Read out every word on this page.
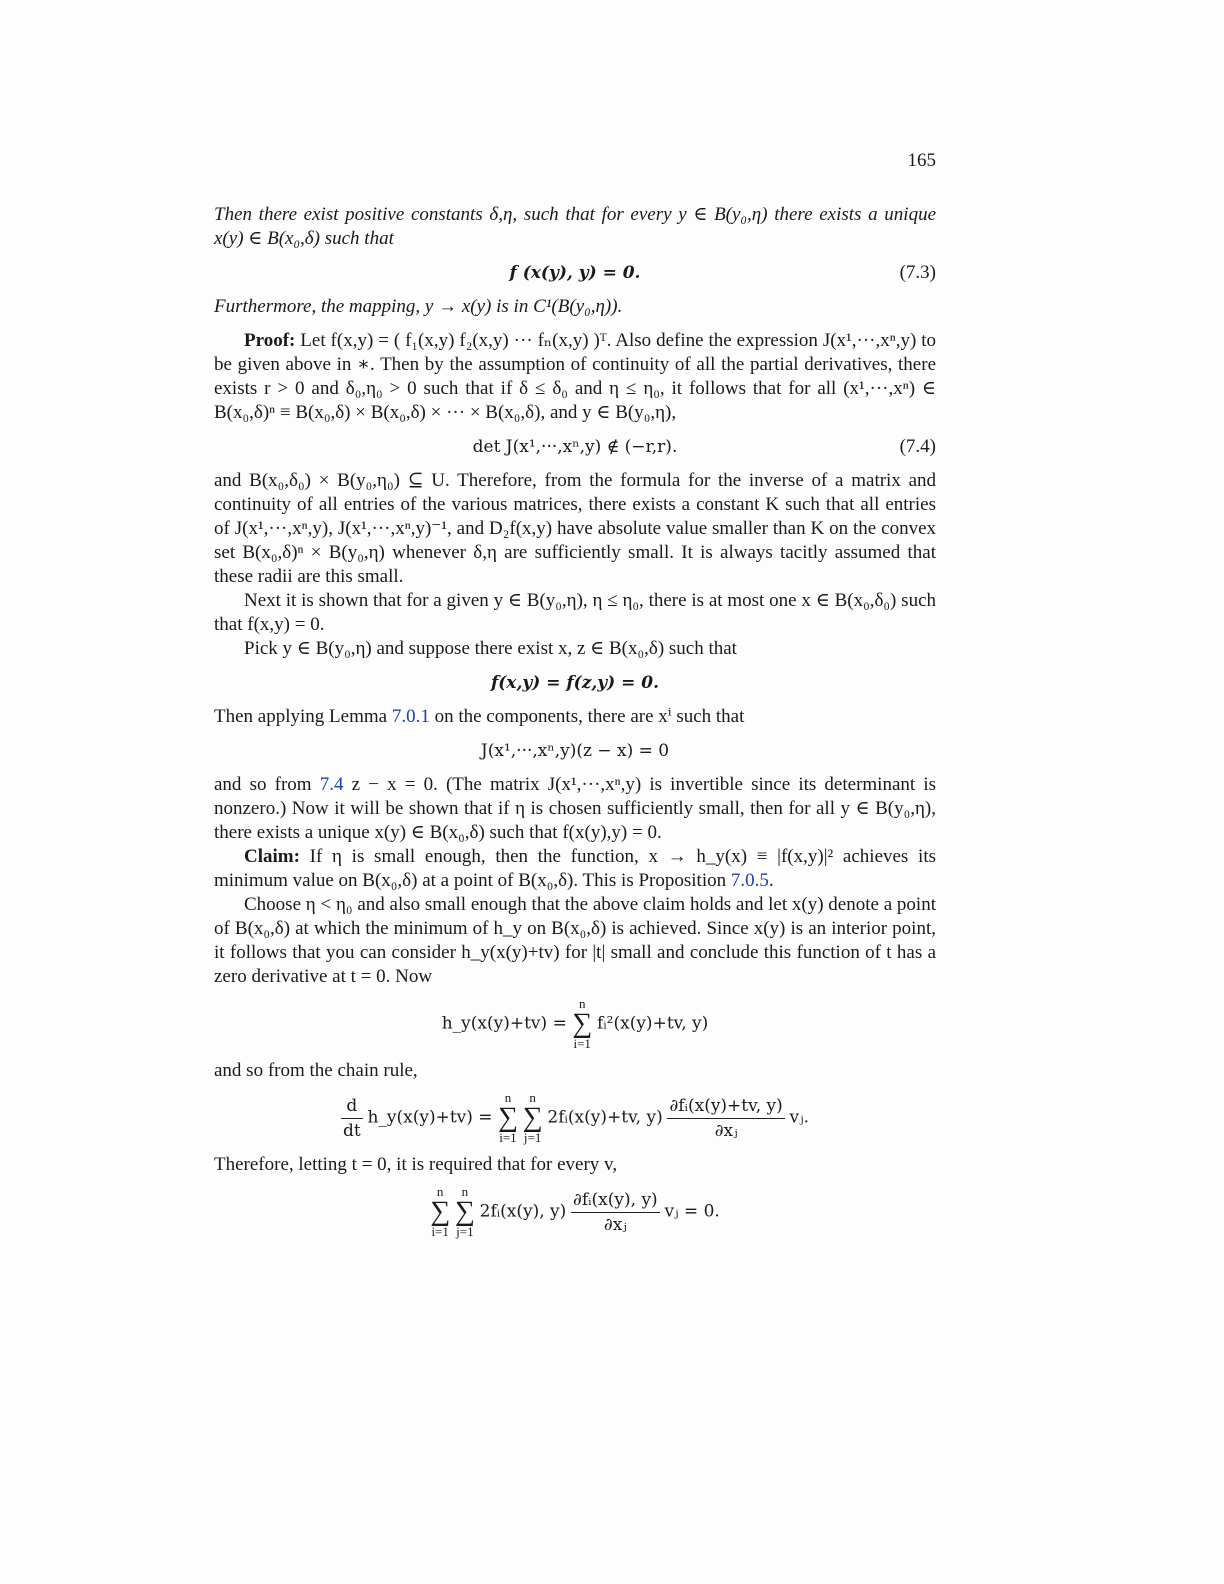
165

Then there exist positive constants δ,η, such that for every y ∈ B(y₀,η) there exists a unique x(y) ∈ B(x₀,δ) such that

f (x(y), y) = 0.	(7.3)

Furthermore, the mapping, y → x(y) is in C¹(B(y₀,η)).

Proof: Let f(x,y) = ( f₁(x,y) f₂(x,y) ··· fₙ(x,y) )ᵀ. Also define the expression J(x¹,···,xⁿ,y) to be given above in ∗. Then by the assumption of continuity of all the partial derivatives, there exists r > 0 and δ₀,η₀ > 0 such that if δ ≤ δ₀ and η ≤ η₀, it follows that for all (x¹,···,xⁿ) ∈ B(x₀,δ)ⁿ ≡ B(x₀,δ) × B(x₀,δ) × ··· × B(x₀,δ), and y ∈ B(y₀,η),

det J(x¹,···,xⁿ,y) ∉ (−r,r).	(7.4)

and B(x₀,δ₀) × B(y₀,η₀) ⊆ U. Therefore, from the formula for the inverse of a matrix and continuity of all entries of the various matrices, there exists a constant K such that all entries of J(x¹,···,xⁿ,y), J(x¹,···,xⁿ,y)⁻¹, and D₂f(x,y) have absolute value smaller than K on the convex set B(x₀,δ)ⁿ × B(y₀,η) whenever δ,η are sufficiently small. It is always tacitly assumed that these radii are this small.

Next it is shown that for a given y ∈ B(y₀,η), η ≤ η₀, there is at most one x ∈ B(x₀,δ₀) such that f(x,y) = 0.

Pick y ∈ B(y₀,η) and suppose there exist x, z ∈ B(x₀,δ) such that

f(x,y) = f(z,y) = 0.

Then applying Lemma 7.0.1 on the components, there are xⁱ such that

J(x¹,···,xⁿ,y)(z − x) = 0

and so from 7.4 z − x = 0. (The matrix J(x¹,···,xⁿ,y) is invertible since its determinant is nonzero.) Now it will be shown that if η is chosen sufficiently small, then for all y ∈ B(y₀,η), there exists a unique x(y) ∈ B(x₀,δ) such that f(x(y),y) = 0.

Claim: If η is small enough, then the function, x → h_y(x) ≡ |f(x,y)|² achieves its minimum value on B(x₀,δ) at a point of B(x₀,δ). This is Proposition 7.0.5.

Choose η < η₀ and also small enough that the above claim holds and let x(y) denote a point of B(x₀,δ) at which the minimum of h_y on B(x₀,δ) is achieved. Since x(y) is an interior point, it follows that you can consider h_y(x(y)+tv) for |t| small and conclude this function of t has a zero derivative at t = 0. Now

h_y(x(y)+tv) = n
∑
i=1 fᵢ²(x(y)+tv, y)

and so from the chain rule,

$\frac{d}{dt}$ h_y(x(y)+tv) = n
∑
i=1 n
∑
j=1 2fᵢ(x(y)+tv, $y) \frac{\text{∂fᵢ(x(y)+tv, y)}}{\text{∂xⱼ}}$ vⱼ.

Therefore, letting t = 0, it is required that for every v,

n
∑
i=1 n
∑
j=1 2fᵢ(x(y), $y) \frac{\text{∂fᵢ(x(y), y)}}{\text{∂xⱼ}}$ vⱼ = 0.
